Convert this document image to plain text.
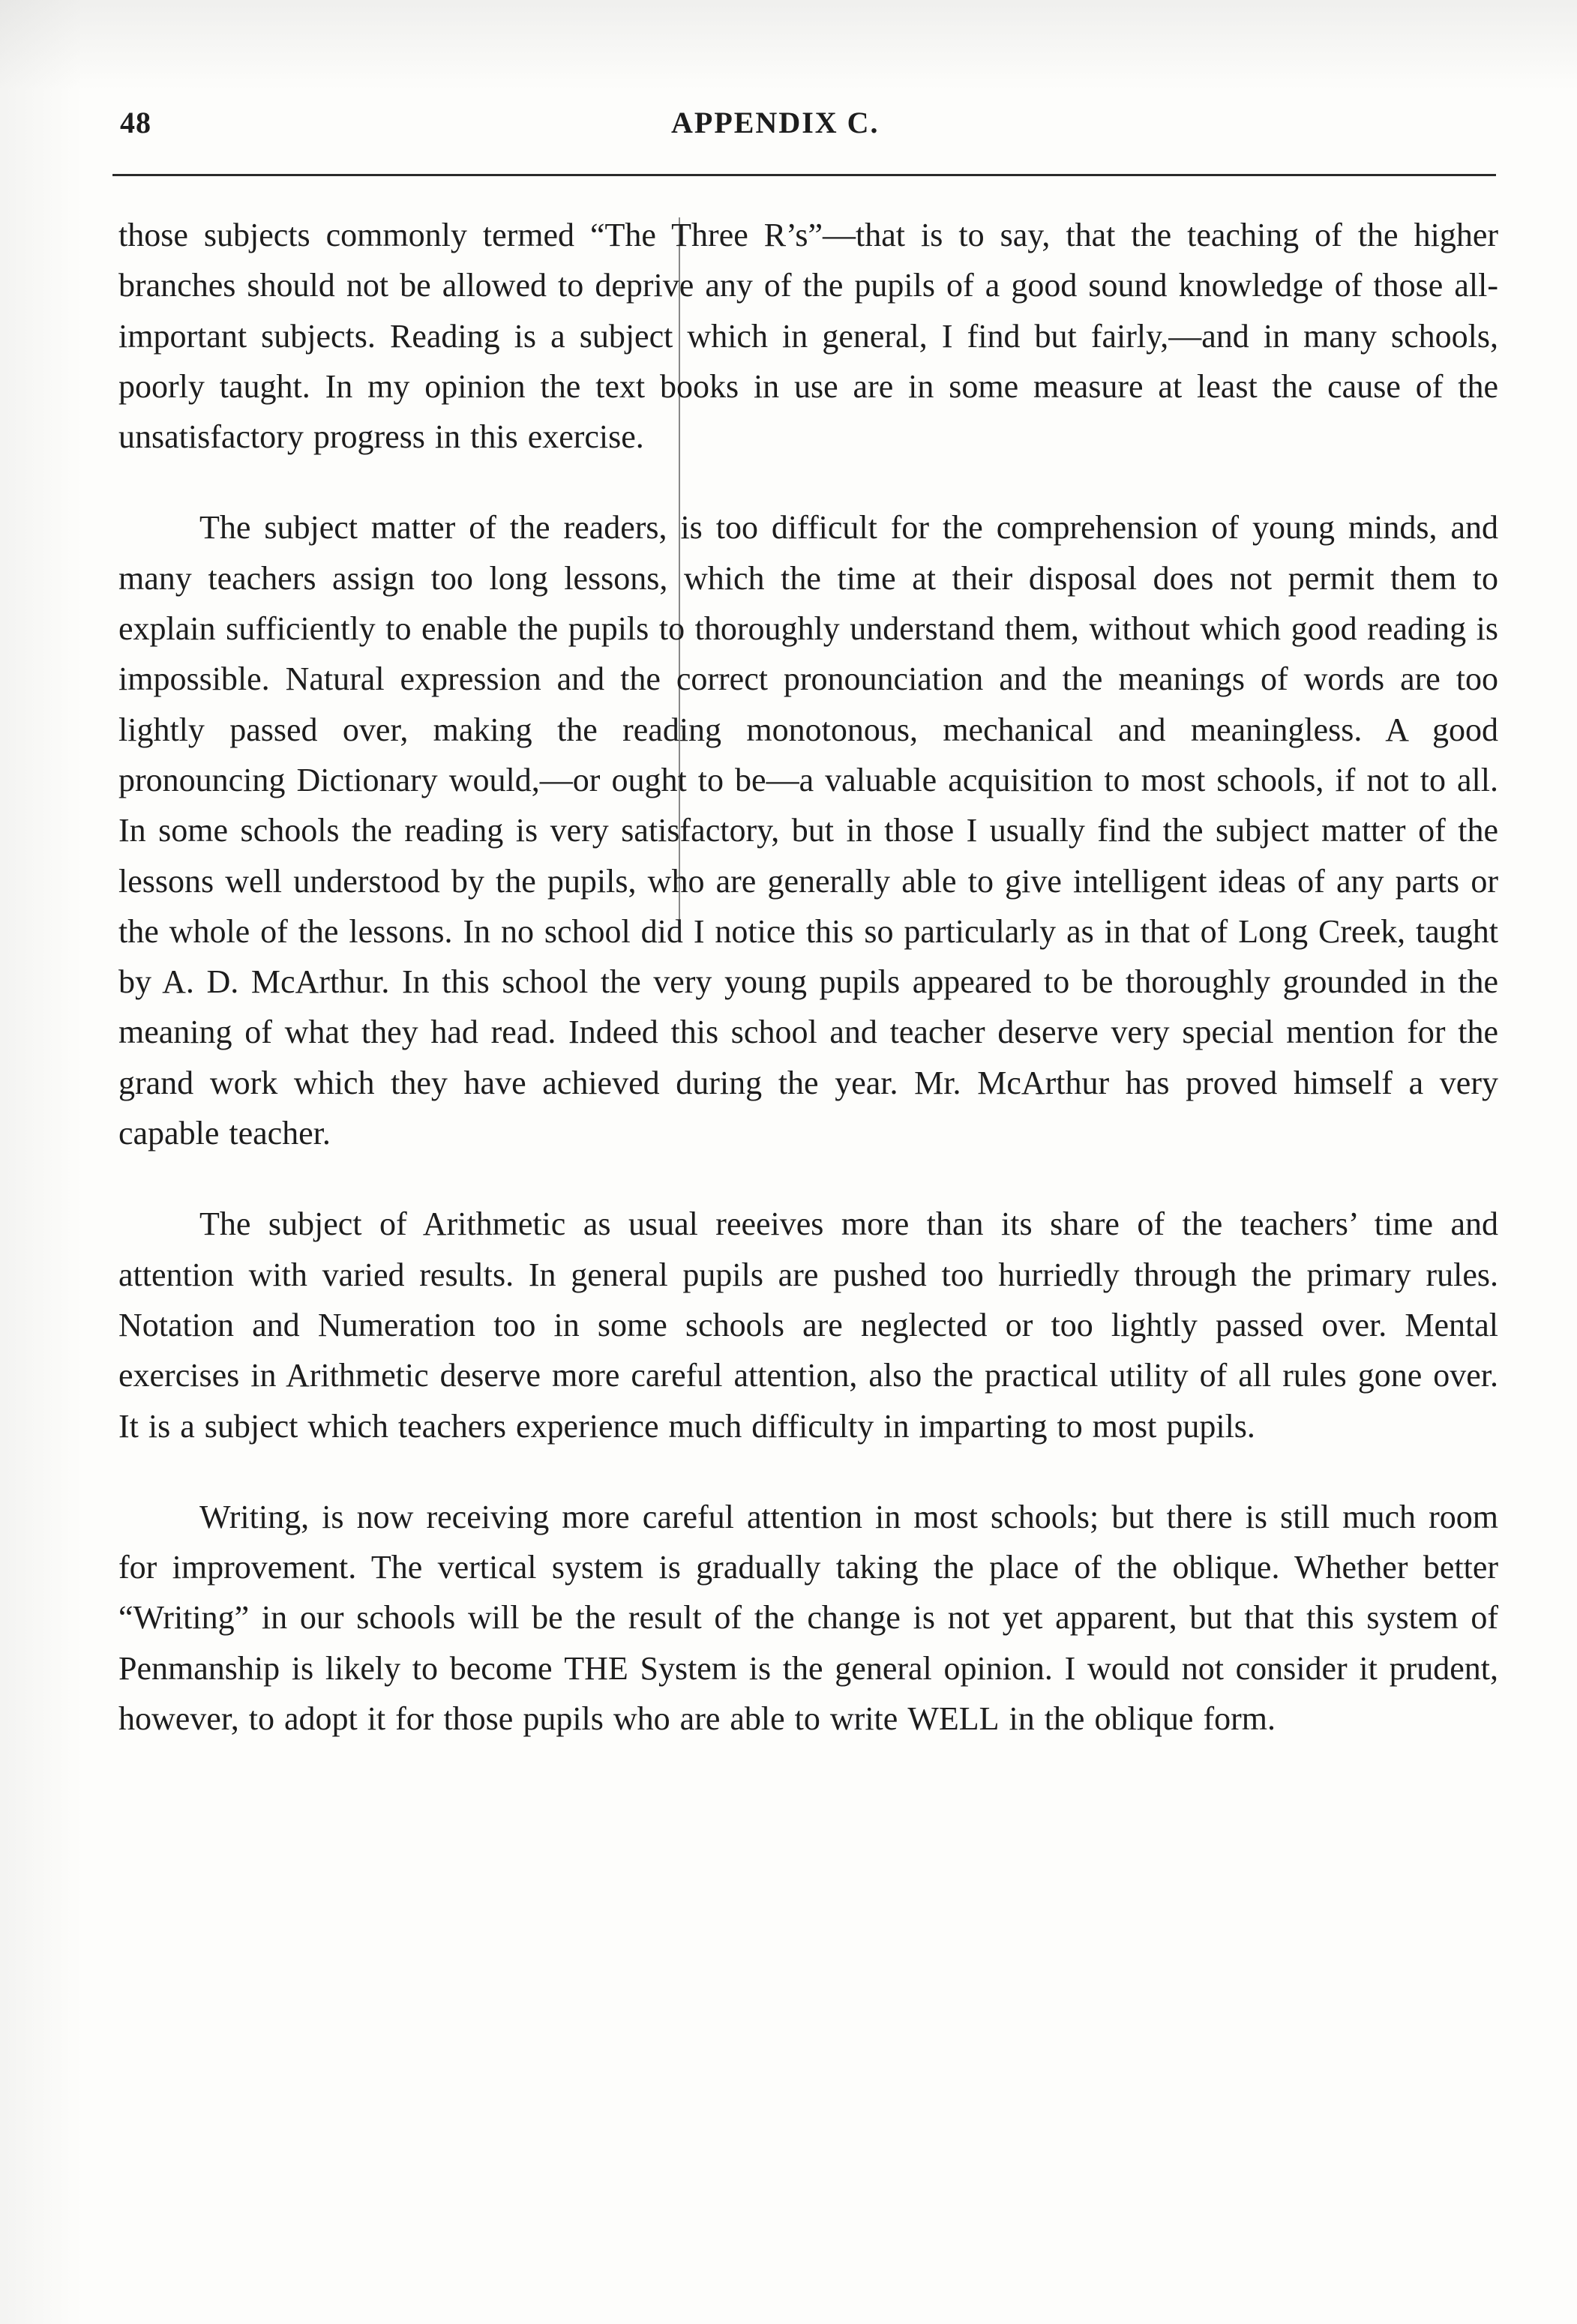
48	APPENDIX C.

those subjects commonly termed “The Three R’s”—that is to say, that the teaching of the higher branches should not be allowed to deprive any of the pupils of a good sound knowledge of those all-important subjects. Reading is a subject which in general, I find but fairly,—and in many schools, poorly taught. In my opinion the text books in use are in some measure at least the cause of the unsatisfactory progress in this exercise.

The subject matter of the readers, is too difficult for the comprehension of young minds, and many teachers assign too long lessons, which the time at their disposal does not permit them to explain sufficiently to enable the pupils to thoroughly understand them, without which good reading is impossible. Natural expression and the correct pronounciation and the meanings of words are too lightly passed over, making the reading monotonous, mechanical and meaningless. A good pronouncing Dictionary would,—or ought to be—a valuable acquisition to most schools, if not to all. In some schools the reading is very satisfactory, but in those I usually find the subject matter of the lessons well understood by the pupils, who are generally able to give intelligent ideas of any parts or the whole of the lessons. In no school did I notice this so particularly as in that of Long Creek, taught by A. D. McArthur. In this school the very young pupils appeared to be thoroughly grounded in the meaning of what they had read. Indeed this school and teacher deserve very special mention for the grand work which they have achieved during the year. Mr. McArthur has proved himself a very capable teacher.

The subject of Arithmetic as usual reeeives more than its share of the teachers’ time and attention with varied results. In general pupils are pushed too hurriedly through the primary rules. Notation and Numeration too in some schools are neglected or too lightly passed over. Mental exercises in Arithmetic deserve more careful attention, also the practical utility of all rules gone over. It is a subject which teachers experience much difficulty in imparting to most pupils.

Writing, is now receiving more careful attention in most schools; but there is still much room for improvement. The vertical system is gradually taking the place of the oblique. Whether better “Writing” in our schools will be the result of the change is not yet apparent, but that this system of Penmanship is likely to become THE System is the general opinion. I would not consider it prudent, however, to adopt it for those pupils who are able to write WELL in the oblique form.
